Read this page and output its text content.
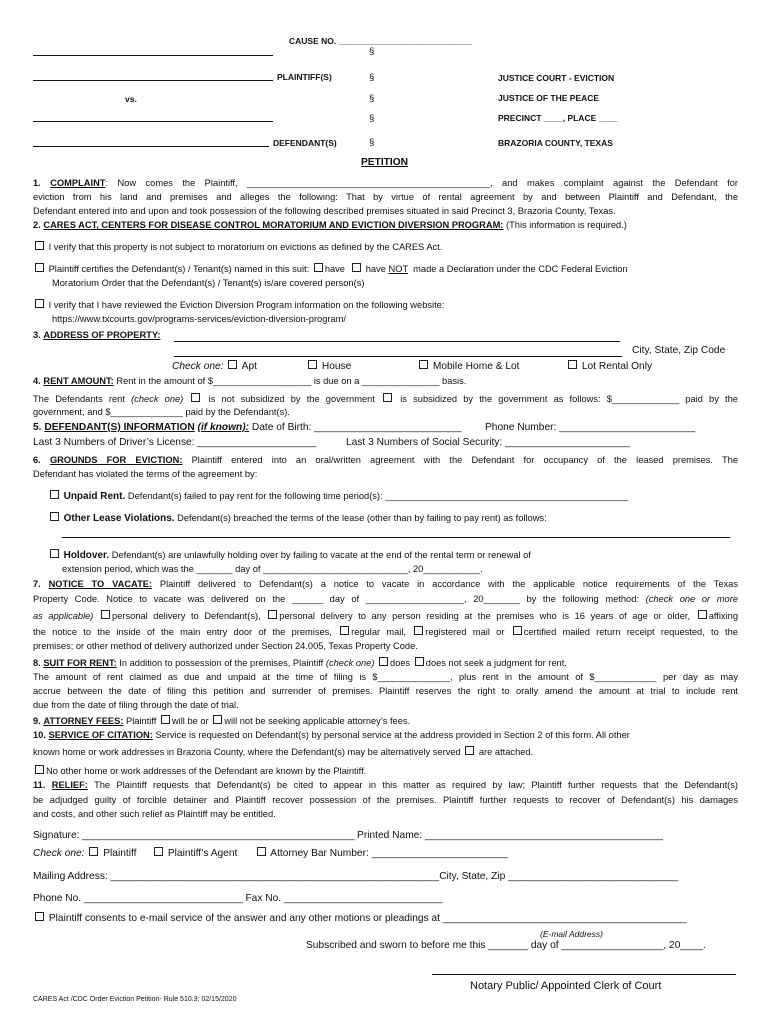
CAUSE NO. ____________________________
§
PLAINTIFF(S)	§	JUSTICE COURT - EVICTION
vs.	§	JUSTICE OF THE PEACE
§	PRECINCT ____, PLACE ____
DEFENDANT(S)	§	BRAZORIA COUNTY, TEXAS
PETITION
1. COMPLAINT: Now comes the Plaintiff, _______________________________________________, and makes complaint against the Defendant for
eviction from his land and premises and alleges the following: That by virtue of rental agreement by and between Plaintiff and Defendant, the
Defendant entered into and upon and took possession of the following described premises situated in said Precinct 3, Brazoria County, Texas.
2. CARES ACT, CENTERS FOR DISEASE CONTROL MORATORIUM AND EVICTION DIVERSION PROGRAM: (This information is required.)
I verify that this property is not subject to moratorium on evictions as defined by the CARES Act.
Plaintiff certifies the Defendant(s) / Tenant(s) named in this suit: have have NOT made a Declaration under the CDC Federal Eviction
Moratorium Order that the Defendant(s) / Tenant(s) is/are covered person(s)
I verify that I have reviewed the Eviction Diversion Program information on the following website:
https://www.txcourts.gov/programs-services/eviction-diversion-program/
3. ADDRESS OF PROPERTY:
City, State, Zip Code
Check one: Apt	House	Mobile Home & Lot	Lot Rental Only
4. RENT AMOUNT: Rent in the amount of $___________________ is due on a _______________ basis.
The Defendants rent (check one)	is not subsidized by the government	is subsidized by the government as follows: $_____________ paid by the
government, and $______________ paid by the Defendant(s).
5. DEFENDANT(S) INFORMATION (if known): Date of Birth: __________________________ Phone Number: ________________________
Last 3 Numbers of Driver’s License: _____________________	Last 3 Numbers of Social Security: ______________________
6. GROUNDS FOR EVICTION: Plaintiff entered into an oral/written agreement with the Defendant for occupancy of the leased premises. The
Defendant has violated the terms of the agreement by:
Unpaid Rent. Defendant(s) failed to pay rent for the following time period(s): _______________________________________________
Other Lease Violations. Defendant(s) breached the terms of the lease (other than by failing to pay rent) as follows:
Holdover. Defendant(s) are unlawfully holding over by failing to vacate at the end of the rental term or renewal of
extension period, which was the _______ day of ____________________________, 20___________.
7. NOTICE TO VACATE: Plaintiff delivered to Defendant(s) a notice to vacate in accordance with the applicable notice requirements of the Texas
Property Code. Notice to vacate was delivered on the ______ day of ___________________, 20_______ by the following method: (check one or more
as applicable) personal delivery to Defendant(s), personal delivery to any person residing at the premises who is 16 years of age or older, affixing
the notice to the inside of the main entry door of the premises, regular mail, registered mail or certified mailed return receipt requested, to the
premises; or other method of delivery authorized under Section 24.005, Texas Property Code.
8. SUIT FOR RENT: In addition to possession of the premises, Plaintiff (check one) does does not seek a judgment for rent.
The amount of rent claimed as due and unpaid at the time of filing is $______________, plus rent in the amount of $____________ per day as may
accrue between the date of filing this petition and surrender of premises. Plaintiff reserves the right to orally amend the amount at trial to include rent
due from the date of filing through the date of trial.
9. ATTORNEY FEES: Plaintiff will be or will not be seeking applicable attorney’s fees.
10. SERVICE OF CITATION: Service is requested on Defendant(s) by personal service at the address provided in Section 2 of this form. All other
known home or work addresses in Brazoria County, where the Defendant(s) may be alternatively served are attached.
No other home or work addresses of the Defendant are known by the Plaintiff.
11. RELIEF: The Plaintiff requests that Defendant(s) be cited to appear in this matter as required by law; Plaintiff further requests that the Defendant(s)
be adjudged guilty of forcible detainer and Plaintiff recover possession of the premises. Plaintiff further requests to recover of Defendant(s) his damages
and costs, and other such relief as Plaintiff may be entitled.
Signature: ________________________________________________ Printed Name: __________________________________________
Check one: Plaintiff	Plaintiff’s Agent	Attorney Bar Number: ________________________
Mailing Address: __________________________________________________________City, State, Zip ______________________________
Phone No. ____________________________ Fax No. ____________________________
Plaintiff consents to e-mail service of the answer and any other motions or pleadings at ___________________________________________
(E-mail Address)
Subscribed and sworn to before me this _______ day of __________________, 20____.
Notary Public/ Appointed Clerk of Court
CARES Act /CDC Order Eviction Petition- Rule 510.3; 02/15/2020
